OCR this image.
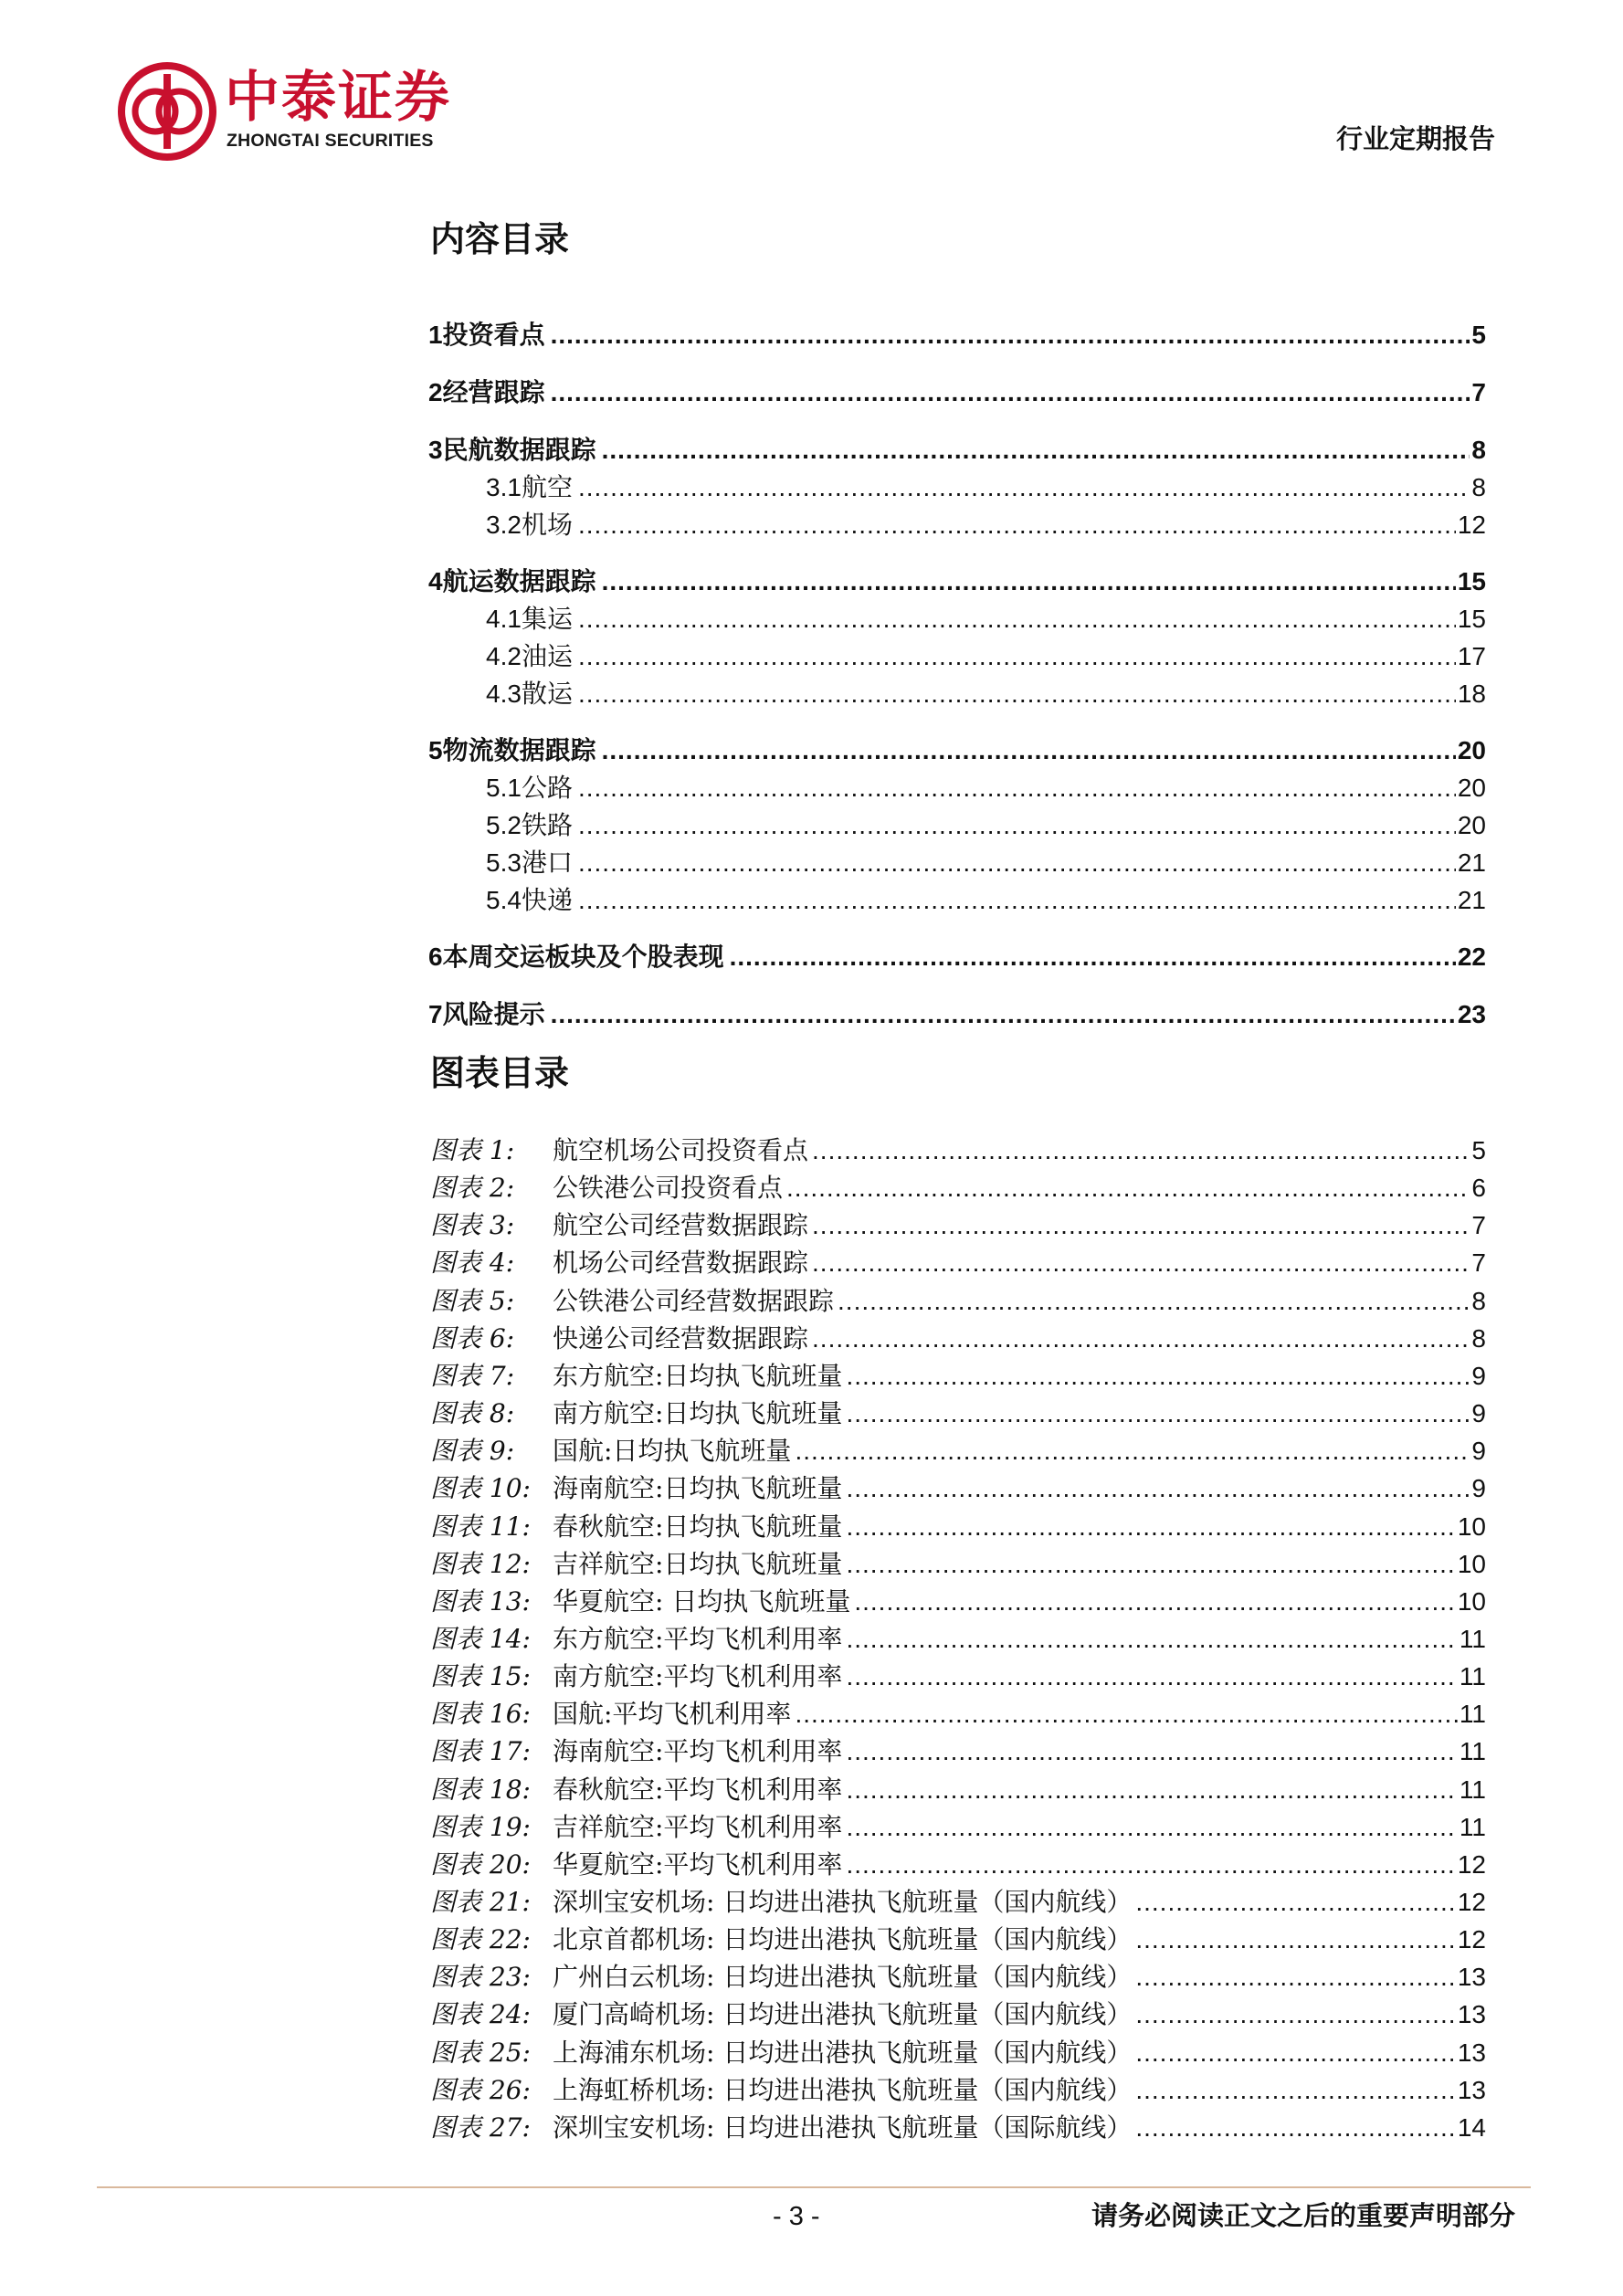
中泰证券
ZHONGTAI SECURITIES	行业定期报告
内容目录
1 投资看点 .....	5
2 经营跟踪 .....	7
3 民航数据跟踪 .....	8
3.1 航空 .....	8
3.2 机场 .....	12
4 航运数据跟踪 .....	15
4.1 集运 .....	15
4.2 油运 .....	17
4.3 散运 .....	18
5 物流数据跟踪 .....	20
5.1 公路 .....	20
5.2 铁路 .....	20
5.3 港口 .....	21
5.4 快递 .....	21
6 本周交运板块及个股表现 .....	22
7 风险提示 .....	23
图表目录
图表 1:	航空机场公司投资看点 .....	5
图表 2:	公铁港公司投资看点 .....	6
图表 3:	航空公司经营数据跟踪 .....	7
图表 4:	机场公司经营数据跟踪 .....	7
图表 5:	公铁港公司经营数据跟踪 .....	8
图表 6:	快递公司经营数据跟踪 .....	8
图表 7:	东方航空:日均执飞航班量 .....	9
图表 8:	南方航空:日均执飞航班量 .....	9
图表 9:	国航:日均执飞航班量 .....	9
图表 10: 海南航空:日均执飞航班量 .....	9
图表 11: 春秋航空:日均执飞航班量 .....	10
图表 12: 吉祥航空:日均执飞航班量 .....	10
图表 13: 华夏航空: 日均执飞航班量 .....	10
图表 14: 东方航空:平均飞机利用率 .....	11
图表 15: 南方航空:平均飞机利用率 .....	11
图表 16: 国航:平均飞机利用率 .....	11
图表 17: 海南航空:平均飞机利用率 .....	11
图表 18: 春秋航空:平均飞机利用率 .....	11
图表 19: 吉祥航空:平均飞机利用率 .....	11
图表 20: 华夏航空:平均飞机利用率 .....	12
图表 21: 深圳宝安机场: 日均进出港执飞航班量（国内航线） .....	12
图表 22: 北京首都机场: 日均进出港执飞航班量（国内航线） .....	12
图表 23: 广州白云机场: 日均进出港执飞航班量（国内航线） .....	13
图表 24: 厦门高崎机场: 日均进出港执飞航班量（国内航线） .....	13
图表 25: 上海浦东机场: 日均进出港执飞航班量（国内航线） .....	13
图表 26: 上海虹桥机场: 日均进出港执飞航班量（国内航线） .....	13
图表 27: 深圳宝安机场: 日均进出港执飞航班量（国际航线） .....	14
- 3 -	请务必阅读正文之后的重要声明部分
